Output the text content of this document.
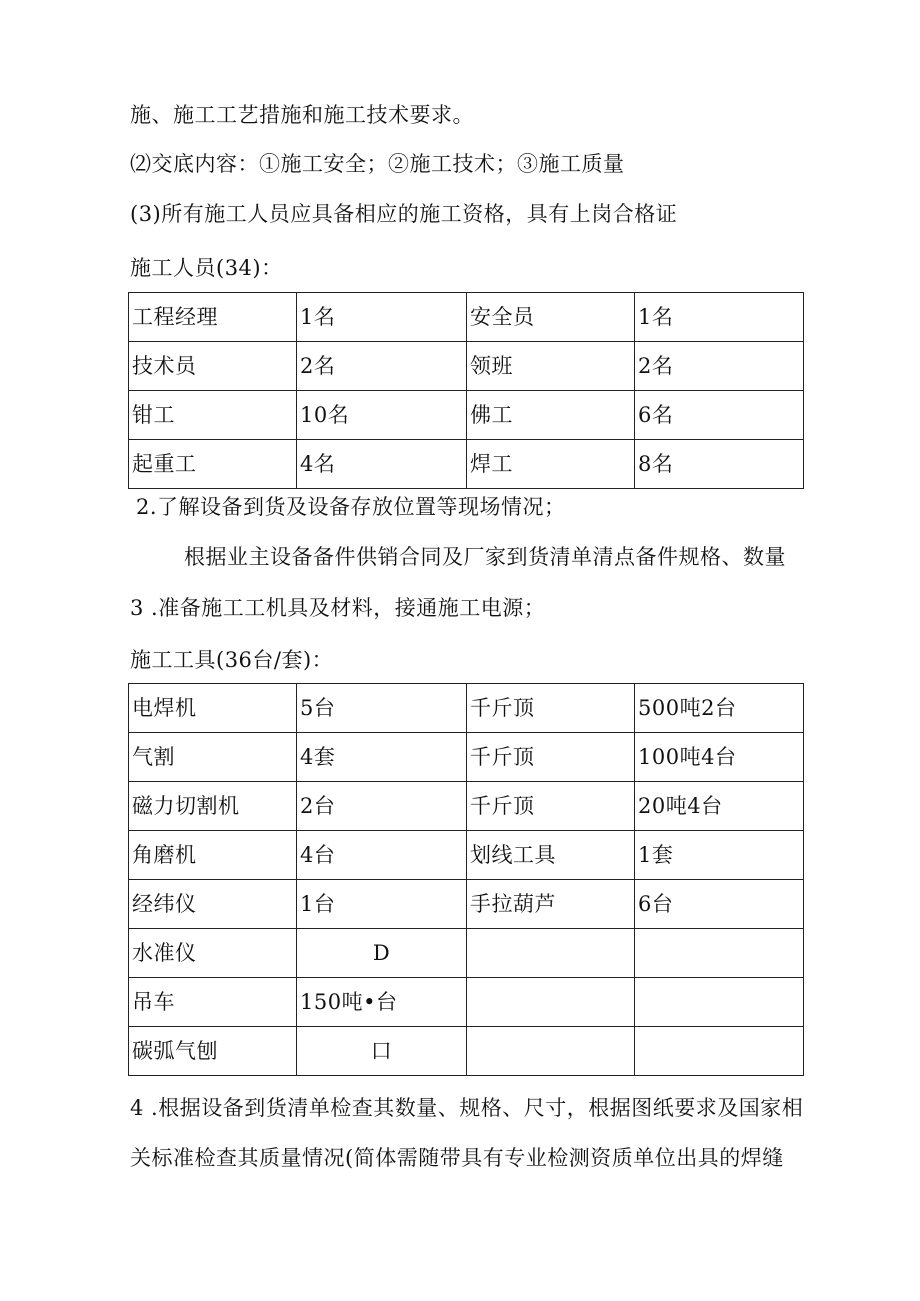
施、施工工艺措施和施工技术要求。
⑵交底内容：①施工安全；②施工技术；③施工质量
(3)所有施工人员应具备相应的施工资格，具有上岗合格证
施工人员(34)：
工程经理	1名	安全员	1名
技术员	2名	领班	2名
钳工	10名	佛工	6名
起重工	4名	焊工	8名
2.了解设备到货及设备存放位置等现场情况；
根据业主设备备件供销合同及厂家到货清单清点备件规格、数量
3 .准备施工工机具及材料，接通施工电源；
施工工具(36台/套)：
电焊机	5台	千斤顶	500吨2台
气割	4套	千斤顶	100吨4台
磁力切割机	2台	千斤顶	20吨4台
角磨机	4台	划线工具	1套
经纬仪	1台	手拉葫芦	6台
水准仪	D		
吊车	150吨•台		
碳弧气刨	口		
4 .根据设备到货清单检查其数量、规格、尺寸，根据图纸要求及国家相
关标准检查其质量情况(简体需随带具有专业检测资质单位出具的焊缝
